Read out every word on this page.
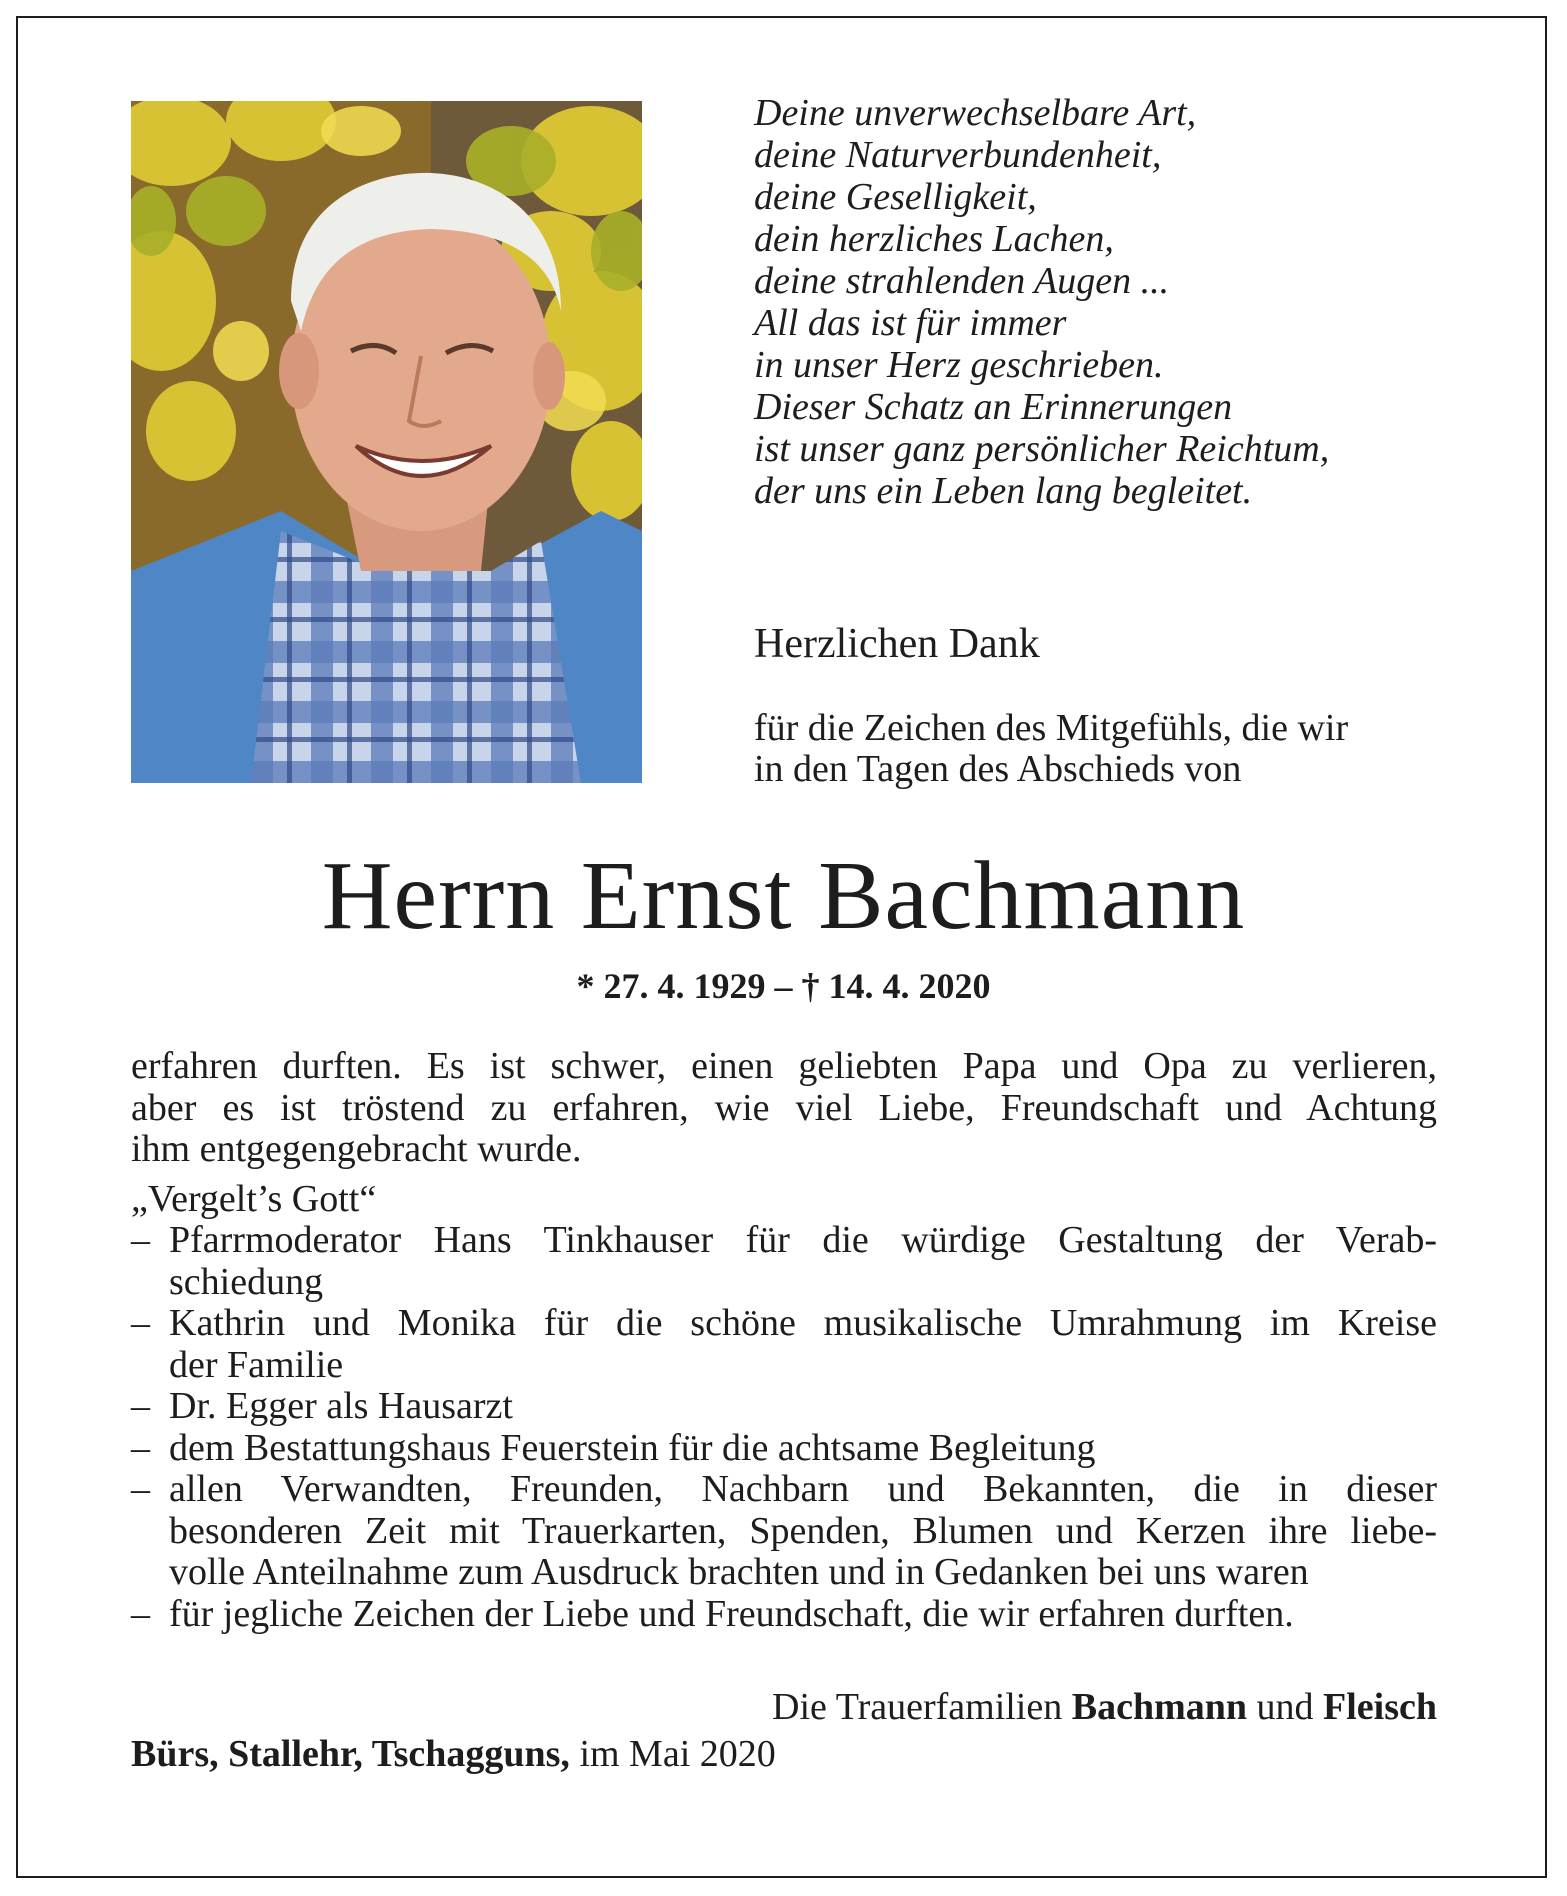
Deine unverwechselbare Art,
deine Naturverbundenheit,
deine Geselligkeit,
dein herzliches Lachen,
deine strahlenden Augen ...
All das ist für immer
in unser Herz geschrieben.
Dieser Schatz an Erinnerungen
ist unser ganz persönlicher Reichtum,
der uns ein Leben lang begleitet.
Herzlichen Dank
für die Zeichen des Mitgefühls, die wir
in den Tagen des Abschieds von
Herrn Ernst Bachmann
* 27. 4. 1929 – † 14. 4. 2020
erfahren durften. Es ist schwer, einen geliebten Papa und Opa zu verlieren,
aber es ist tröstend zu erfahren, wie viel Liebe, Freundschaft und Achtung
ihm entgegengebracht wurde.
„Vergelt’s Gott“
– Pfarrmoderator Hans Tinkhauser für die würdige Gestaltung der Verab-
schiedung
– Kathrin und Monika für die schöne musikalische Umrahmung im Kreise
der Familie
– Dr. Egger als Hausarzt
– dem Bestattungshaus Feuerstein für die achtsame Begleitung
– allen Verwandten, Freunden, Nachbarn und Bekannten, die in dieser
besonderen Zeit mit Trauerkarten, Spenden, Blumen und Kerzen ihre liebe-
volle Anteilnahme zum Ausdruck brachten und in Gedanken bei uns waren
– für jegliche Zeichen der Liebe und Freundschaft, die wir erfahren durften.
Die Trauerfamilien Bachmann und Fleisch
Bürs, Stallehr, Tschagguns, im Mai 2020
